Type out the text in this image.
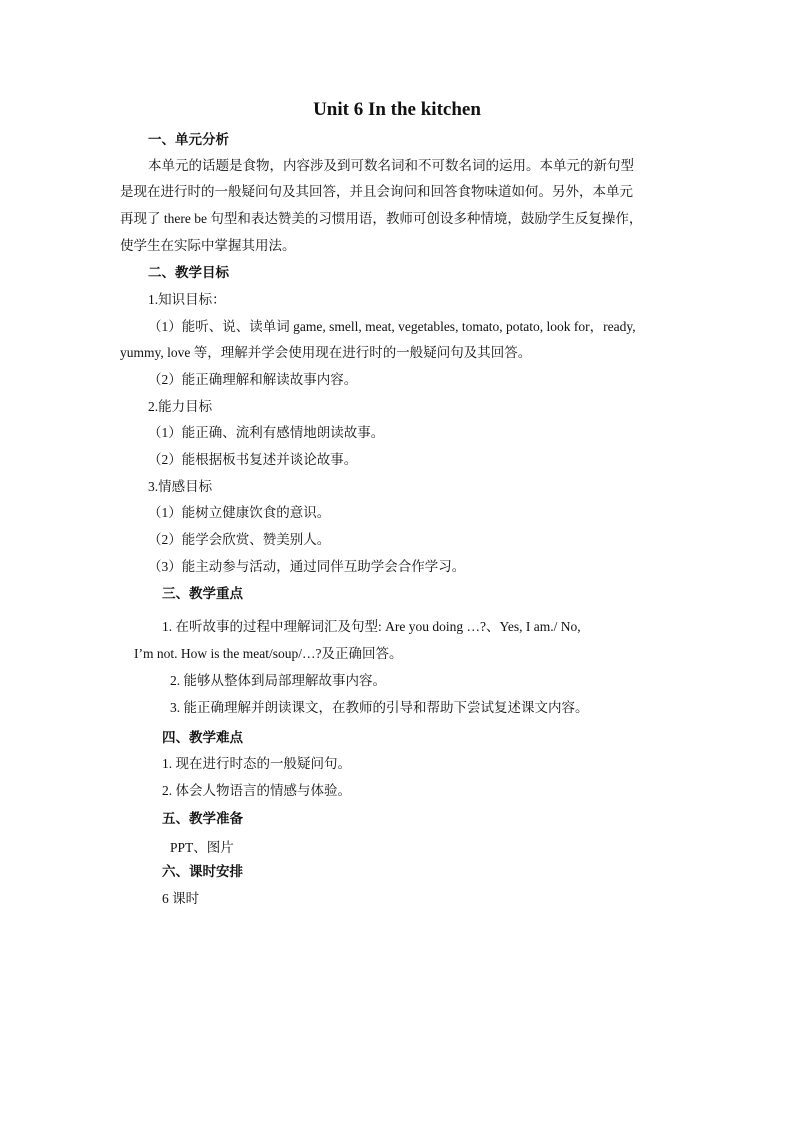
Unit 6 In the kitchen
一、单元分析
本单元的话题是食物，内容涉及到可数名词和不可数名词的运用。本单元的新句型
是现在进行时的一般疑问句及其回答，并且会询问和回答食物味道如何。另外，本单元
再现了 there be 句型和表达赞美的习惯用语，教师可创设多种情境，鼓励学生反复操作，
使学生在实际中掌握其用法。
二、教学目标
1.知识目标：
（1）能听、说、读单词 game, smell, meat, vegetables, tomato, potato, look for，ready,
yummy, love 等，理解并学会使用现在进行时的一般疑问句及其回答。
（2）能正确理解和解读故事内容。
2.能力目标
（1）能正确、流利有感情地朗读故事。
（2）能根据板书复述并谈论故事。
3.情感目标
（1）能树立健康饮食的意识。
（2）能学会欣赏、赞美别人。
（3）能主动参与活动，通过同伴互助学会合作学习。
三、教学重点
1. 在听故事的过程中理解词汇及句型: Are you doing …?、Yes, I am./ No,
I’m not. How is the meat/soup/…?及正确回答。
2. 能够从整体到局部理解故事内容。
3. 能正确理解并朗读课文，在教师的引导和帮助下尝试复述课文内容。
四、教学难点
1. 现在进行时态的一般疑问句。
2. 体会人物语言的情感与体验。
五、教学准备
PPT、图片
六、课时安排
6 课时
